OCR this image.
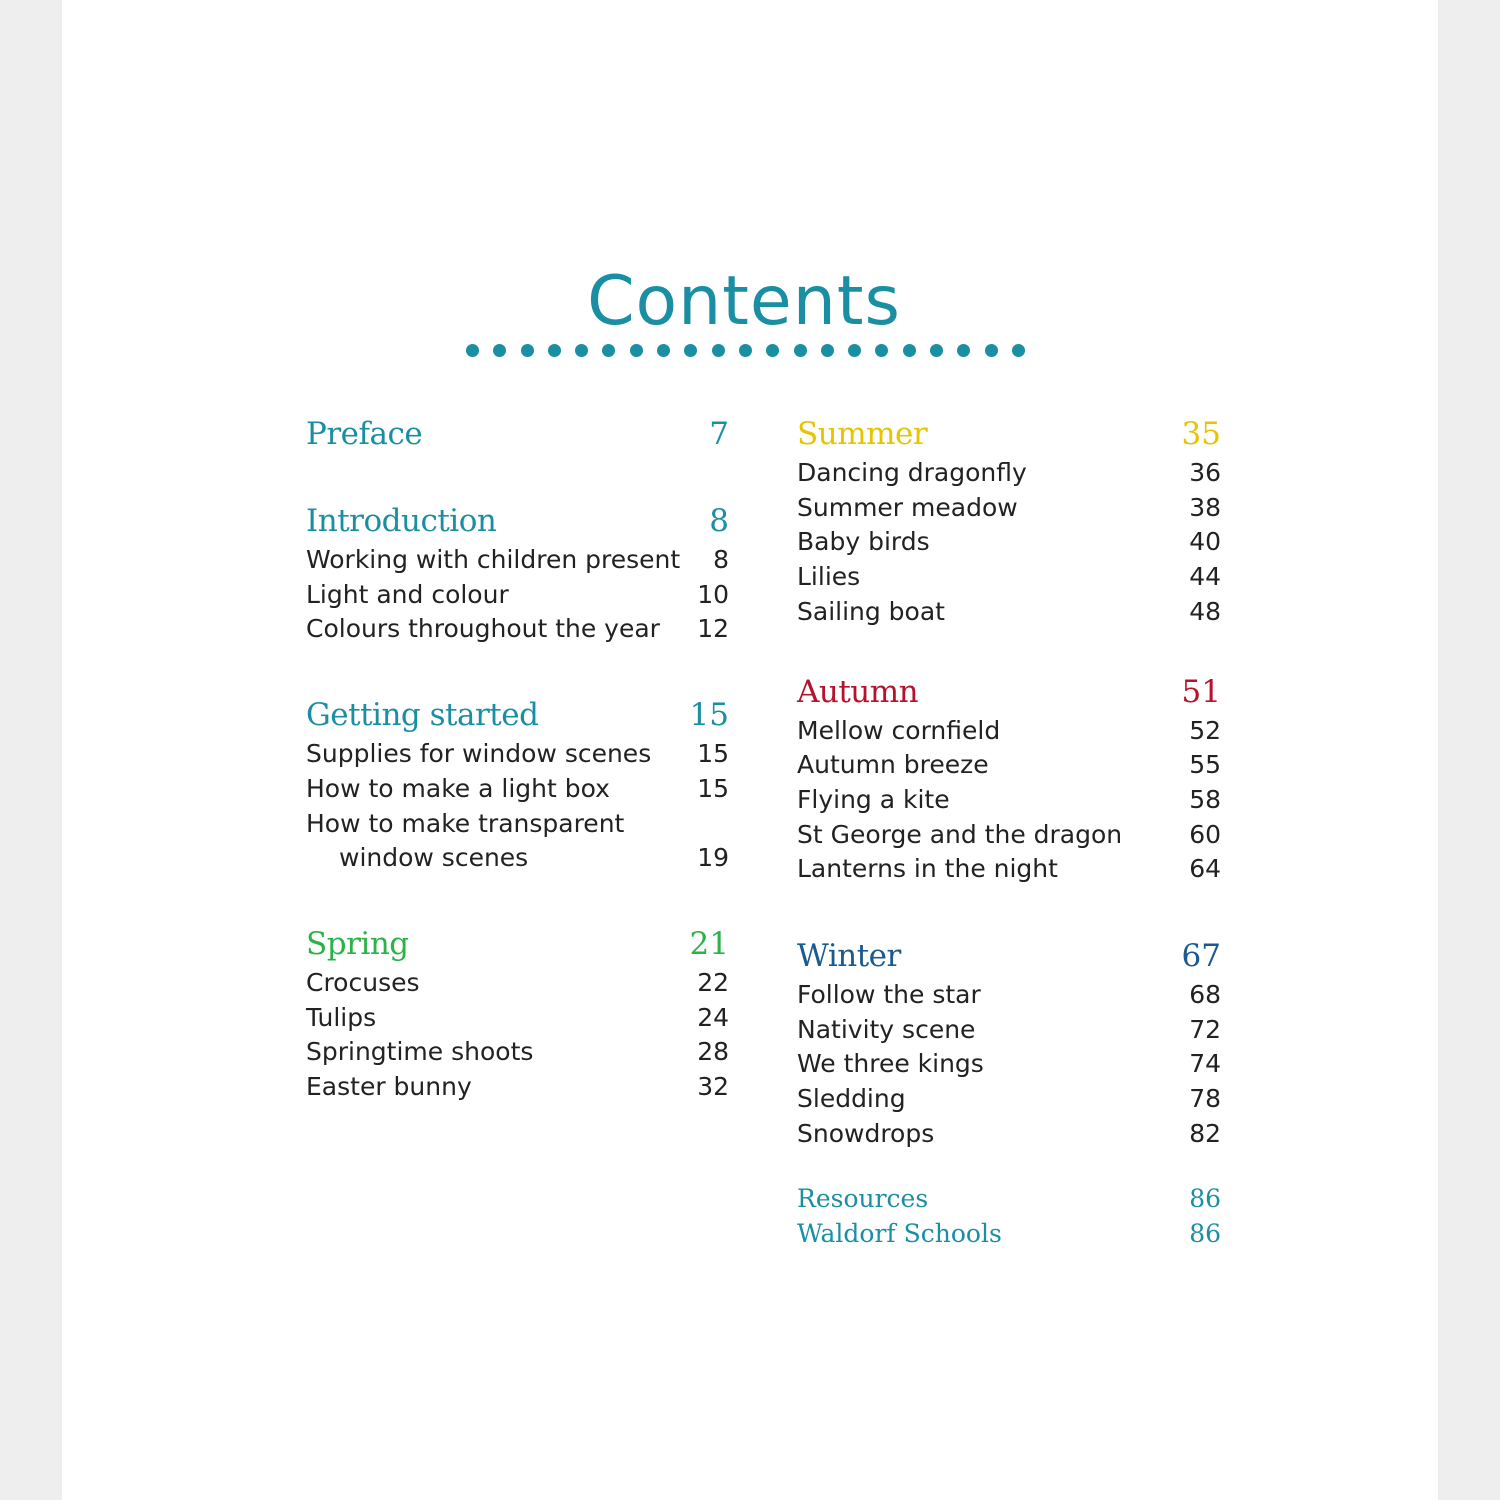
Contents
Preface	7
Introduction	8
Working with children present 8
Light and colour	10
Colours throughout the year 12
Getting started	15
Supplies for window scenes 15
How to make a light box	15
How to make transparent
window scenes	19
Spring	21
Crocuses	22
Tulips	24
Springtime shoots	28
Easter bunny	32
Summer	35
Dancing dragonfly	36
Summer meadow	38
Baby birds	40
Lilies	44
Sailing boat	48
Autumn	51
Mellow cornfield	52
Autumn breeze	55
Flying a kite	58
St George and the dragon	60
Lanterns in the night	64
Winter	67
Follow the star	68
Nativity scene	72
We three kings	74
Sledding	78
Snowdrops	82
Resources	86
Waldorf Schools	86
